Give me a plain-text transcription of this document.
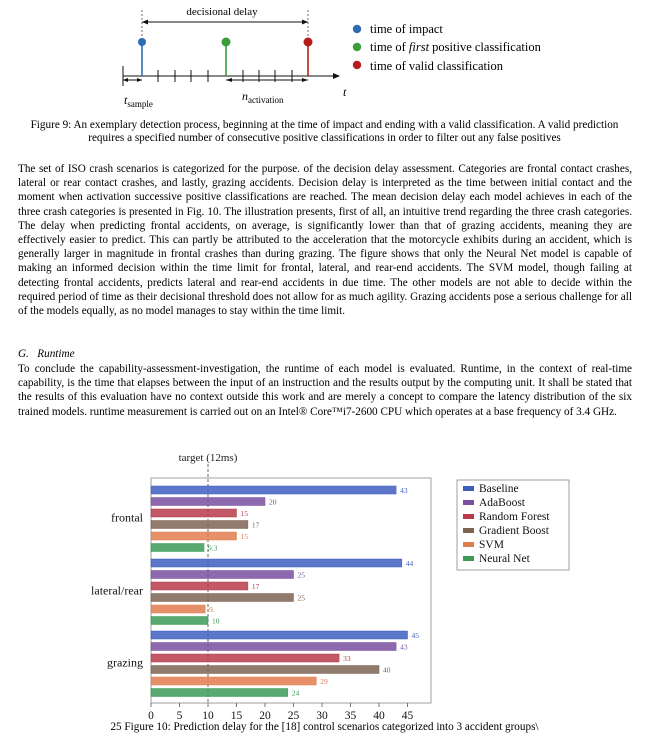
decisional delay
$t_{sample}$
$n_{activation}$
t
time of impact
time of first positive classification
time of valid classification
Figure 9: An exemplary detection process, beginning at the time of impact and ending with a valid classification. A valid prediction requires a specified number of consecutive positive classifications in order to filter out any false positives
The set of ISO crash scenarios is categorized for the purpose. of the decision delay assessment. Categories are frontal contact crashes, lateral or rear contact crashes, and lastly, grazing accidents. Decision delay is interpreted as the time between initial contact and the moment when activation successive positive classifications are reached. The mean decision delay each model achieves in each of the three crash categories is presented in Fig. 10. The illustration presents, first of all, an intuitive trend regarding the three crash categories. The delay when predicting frontal accidents, on average, is significantly lower than that of grazing accidents, meaning they are effectively easier to predict. This can partly be attributed to the acceleration that the motorcycle exhibits during an accident, which is generally larger in magnitude in frontal crashes than during grazing. The figure shows that only the Neural Net model is capable of making an informed decision within the time limit for frontal, lateral, and rear-end accidents. The SVM model, though failing at detecting frontal accidents, predicts lateral and rear-end accidents in due time. The other models are not able to decide within the required period of time as their decisional threshold does not allow for as much agility. Grazing accidents pose a serious challenge for all of the models equally, as no model manages to stay within the time limit.
G.   Runtime
To conclude the capability-assessment-investigation, the runtime of each model is evaluated. Runtime, in the context of real-time capability, is the time that elapses between the input of an instruction and the results output by the computing unit. It shall be stated that the results of this evaluation have no context outside this work and are merely a concept to compare the latency distribution of the six trained models. runtime measurement is carried out on an Intel® Core™i7-2600 CPU which operates at a base frequency of 3.4 GHz.
target (12ms)
0 5 10 15 20 25 30 35 40 45
43
20
15
17
15
9.3
frontal
44
25
17
25
9.
10
lateral/rear
45
43
33
40
29
24
grazing
Baseline
AdaBoost
Random Forest
Gradient Boost
SVM
Neural Net
25 Figure 10: Prediction delay for the [18] control scenarios categorized into 3 accident groups\
